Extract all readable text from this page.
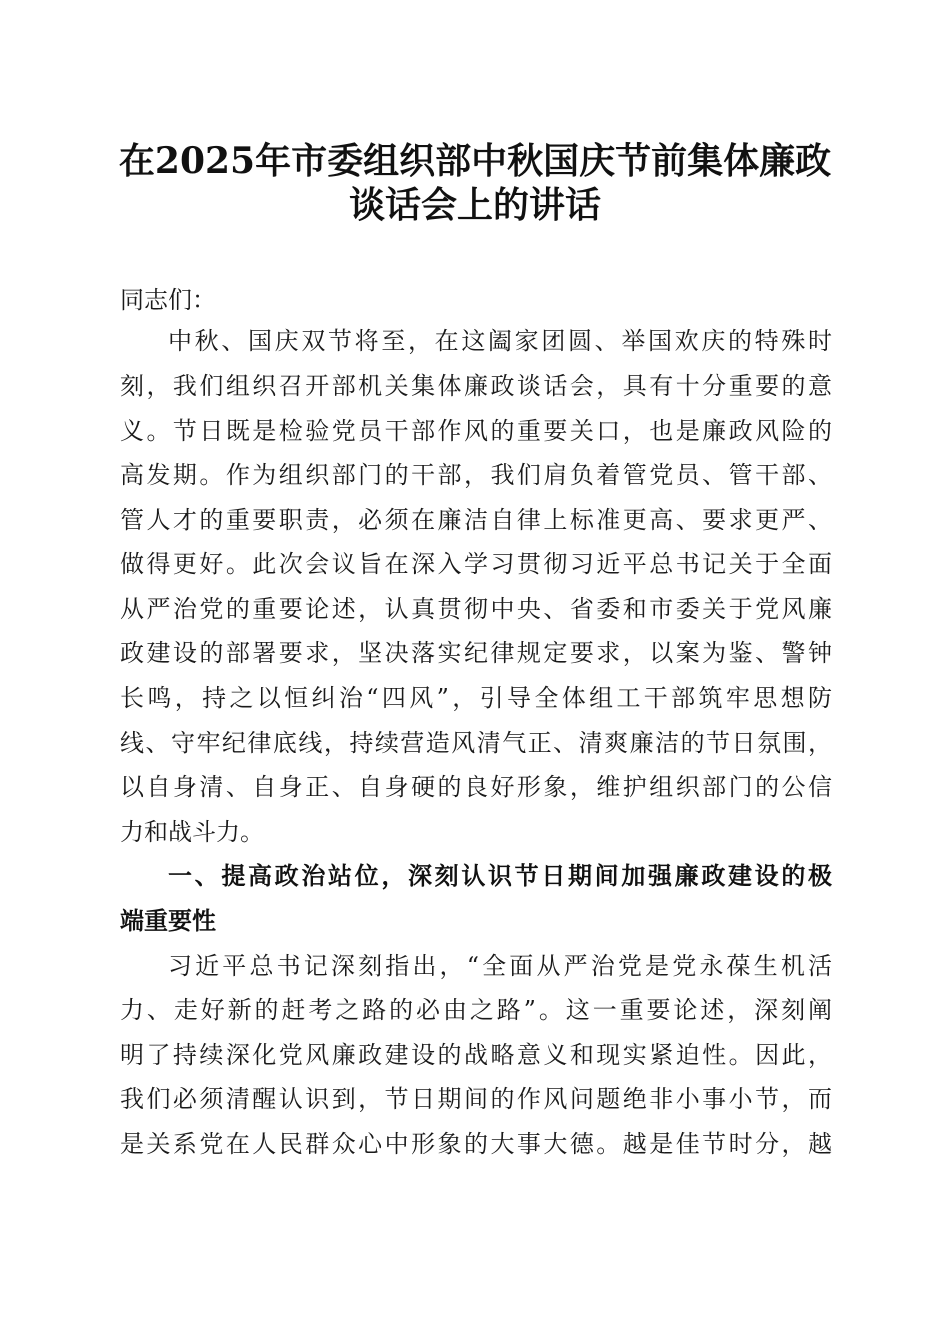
在2025年市委组织部中秋国庆节前集体廉政
谈话会上的讲话
同志们：
中秋、国庆双节将至，在这阖家团圆、举国欢庆的特殊时
刻，我们组织召开部机关集体廉政谈话会，具有十分重要的意
义。节日既是检验党员干部作风的重要关口，也是廉政风险的
高发期。作为组织部门的干部，我们肩负着管党员、管干部、
管人才的重要职责，必须在廉洁自律上标准更高、要求更严、
做得更好。此次会议旨在深入学习贯彻习近平总书记关于全面
从严治党的重要论述，认真贯彻中央、省委和市委关于党风廉
政建设的部署要求，坚决落实纪律规定要求，以案为鉴、警钟
长鸣，持之以恒纠治“四风”，引导全体组工干部筑牢思想防
线、守牢纪律底线，持续营造风清气正、清爽廉洁的节日氛围，
以自身清、自身正、自身硬的良好形象，维护组织部门的公信
力和战斗力。
一、提高政治站位，深刻认识节日期间加强廉政建设的极
端重要性
习近平总书记深刻指出，“全面从严治党是党永葆生机活
力、走好新的赶考之路的必由之路”。这一重要论述，深刻阐
明了持续深化党风廉政建设的战略意义和现实紧迫性。因此，
我们必须清醒认识到，节日期间的作风问题绝非小事小节，而
是关系党在人民群众心中形象的大事大德。越是佳节时分，越
